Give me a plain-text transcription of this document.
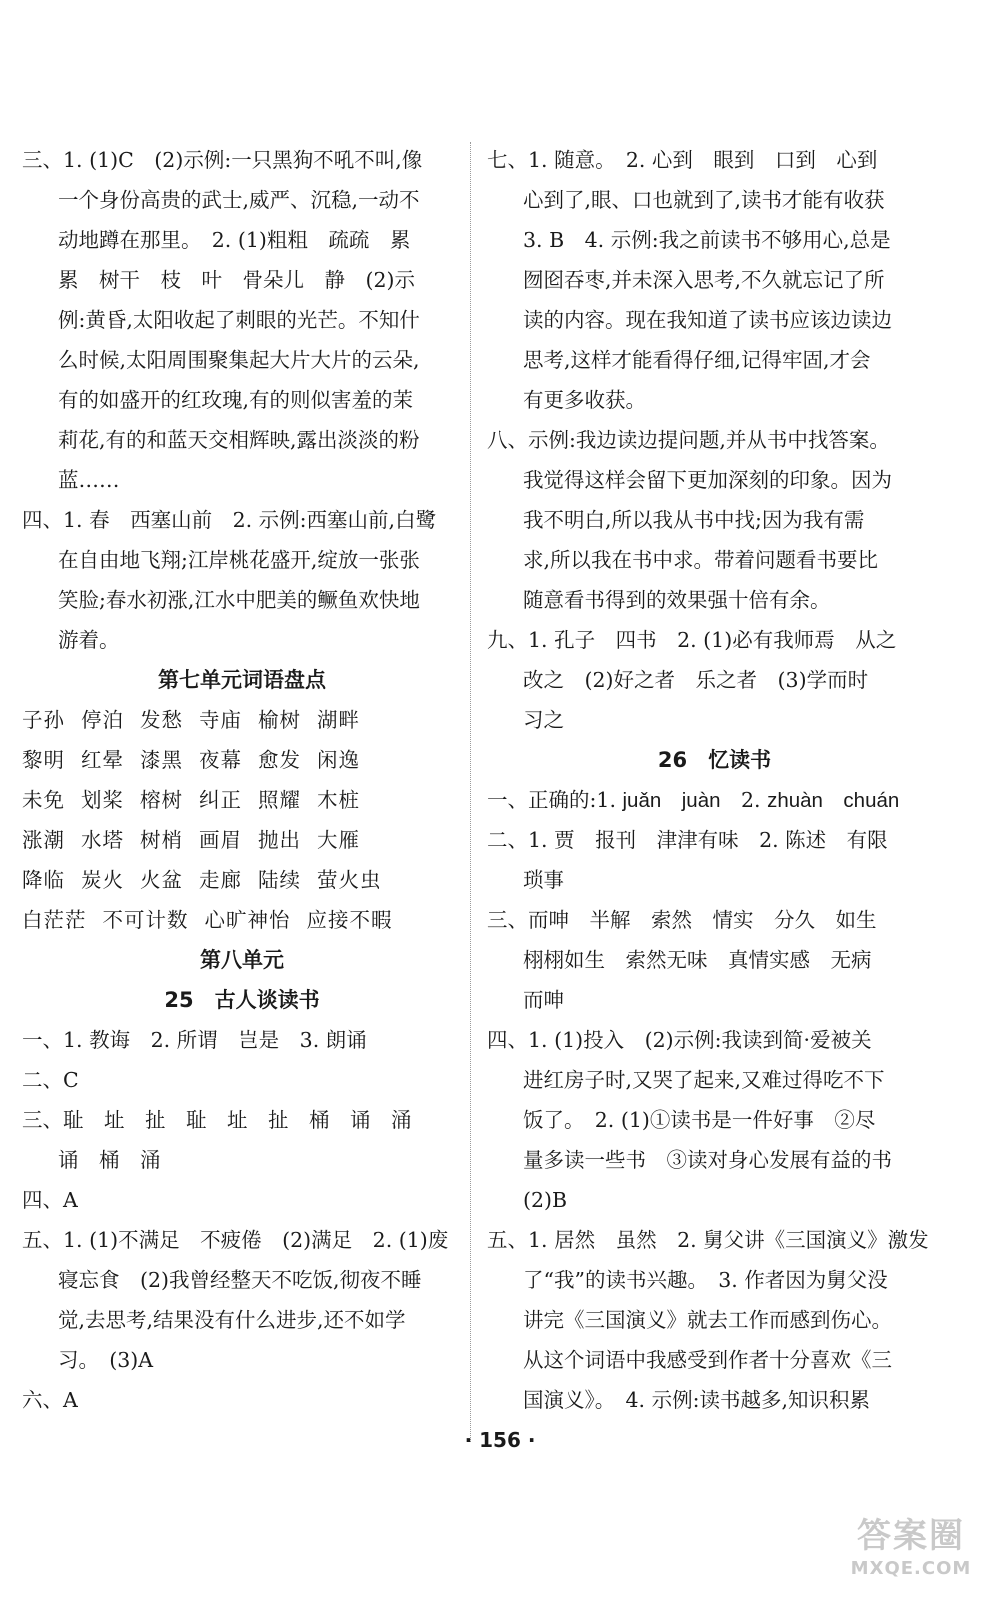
三、1. (1)C　(2)示例:一只黑狗不吼不叫,像
一个身份高贵的武士,威严、沉稳,一动不
动地蹲在那里。　2. (1)粗粗　疏疏　累
累　树干　枝　叶　骨朵儿　静　(2)示
例:黄昏,太阳收起了刺眼的光芒。不知什
么时候,太阳周围聚集起大片大片的云朵,
有的如盛开的红玫瑰,有的则似害羞的茉
莉花,有的和蓝天交相辉映,露出淡淡的粉
蓝……
四、1. 春　西塞山前　2. 示例:西塞山前,白鹭
在自由地飞翔;江岸桃花盛开,绽放一张张
笑脸;春水初涨,江水中肥美的鳜鱼欢快地
游着。
第七单元词语盘点
子孙 停泊 发愁 寺庙 榆树 湖畔
黎明 红晕 漆黑 夜幕 愈发 闲逸
未免 划桨 榕树 纠正 照耀 木桩
涨潮 水塔 树梢 画眉 抛出 大雁
降临 炭火 火盆 走廊 陆续 萤火虫
白茫茫 不可计数 心旷神怡 应接不暇
第八单元
25　古人谈读书
一、1. 教诲　2. 所谓　岂是　3. 朗诵
二、C
三、耻　址　扯　耻　址　扯　桶　诵　涌
诵　桶　涌
四、A
五、1. (1)不满足　不疲倦　(2)满足　2. (1)废
寝忘食　(2)我曾经整天不吃饭,彻夜不睡
觉,去思考,结果没有什么进步,还不如学
习。　(3)A
六、A
七、1. 随意。　2. 心到　眼到　口到　心到
心到了,眼、口也就到了,读书才能有收获
3. B　4. 示例:我之前读书不够用心,总是
囫囵吞枣,并未深入思考,不久就忘记了所
读的内容。现在我知道了读书应该边读边
思考,这样才能看得仔细,记得牢固,才会
有更多收获。
八、示例:我边读边提问题,并从书中找答案。
我觉得这样会留下更加深刻的印象。因为
我不明白,所以我从书中找;因为我有需
求,所以我在书中求。带着问题看书要比
随意看书得到的效果强十倍有余。
九、1. 孔子　四书　2. (1)必有我师焉　从之
改之　(2)好之者　乐之者　(3)学而时
习之
26　忆读书
一、正确的:1. juǎn　juàn　2. zhuàn　chuán
二、1. 贾　报刊　津津有味　2. 陈述　有限
琐事
三、而呻　半解　索然　情实　分久　如生
栩栩如生　索然无味　真情实感　无病
而呻
四、1. (1)投入　(2)示例:我读到简·爱被关
进红房子时,又哭了起来,又难过得吃不下
饭了。　2. (1)①读书是一件好事　②尽
量多读一些书　③读对身心发展有益的书
(2)B
五、1. 居然　虽然　2. 舅父讲《三国演义》激发
了“我”的读书兴趣。　3. 作者因为舅父没
讲完《三国演义》就去工作而感到伤心。
从这个词语中我感受到作者十分喜欢《三
国演义》。　4. 示例:读书越多,知识积累
· 156 ·
答案圈
MXQE.COM
